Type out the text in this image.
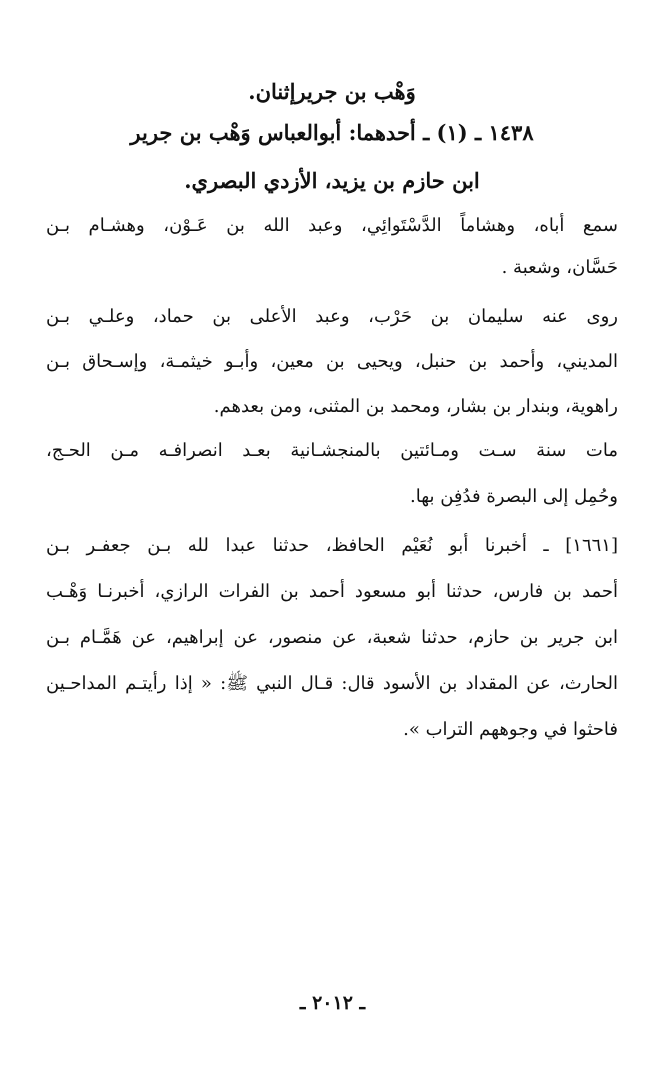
وَهْب بن جريرإثنان.
١٤٣٨ ـ (١) ـ أحدهما: أبوالعباس وَهْب بن جرير
ابن حازم بن يزيد، الأزدي البصري.
سمع أباه، وهشاماً الدَّسْتَوائِي، وعبد الله بن عَـوْن، وهشـام بـن
حَسَّان، وشعبة .
روى عنه سليمان بن حَرْب، وعبد الأعلى بن حماد، وعلـي بـن
المديني، وأحمد بن حنبل، ويحيى بن معين، وأبـو خيثمـة، وإسـحاق بـن
راهوية، وبندار بن بشار، ومحمد بن المثنى، ومن بعدهم.
مات سنة سـت ومـائتين بالمنجشـانية بعـد انصرافـه مـن الحـج،
وحُمِل إلى البصرة فدُفِن بها.
[١٦٦١] ـ أخبرنا أبو نُعَيْم الحافظ، حدثنا عبدا لله بـن جعفـر بـن
أحمد بن فارس، حدثنا أبو مسعود أحمد بن الفرات الرازي، أخبرنـا وَهْـب
ابن جرير بن حازم، حدثنا شعبة، عن منصور، عن إبراهيم، عن هَمَّـام بـن
الحارث، عن المقداد بن الأسود قال: قـال النبي ﷺ: « إذا رأيتـم المداحـين
فاحثوا في وجوههم التراب ».
ـ ٢٠١٢ ـ
